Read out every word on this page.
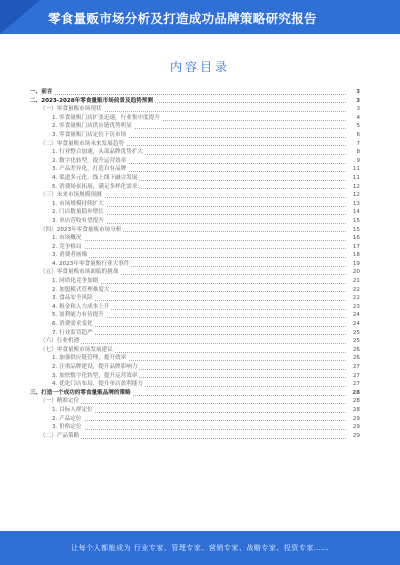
零食量贩市场分析及打造成功品牌策略研究报告
内容目录
一、前言	3
二、2023-2028年零食量贩市场前景及趋势预测	3
（一）零食量贩市场现状	3
1. 零食量贩门店扩张迅速，行业集中度提升	4
2. 零食量贩门店供应链优势明显	5
3. 零食量贩门店定位下沉市场	6
（二）零食量贩市场未来发展趋势	7
1. 行业整合加速，头部品牌优势扩大	8
2. 数字化转型，提升运营效率	9
3. 产品差异化，打造自有品牌	11
4. 渠道多元化，线上线下融合发展	11
5. 消费场景拓展，满足多样化需求	12
（三）未来市场规模预测	12
1. 市场规模持续扩大	13
2. 门店数量稳步增长	14
3. 单店营收有望提升	15
（四）2023年零食量贩市场分析	15
1. 市场概况	16
2. 竞争格局	17
3. 消费者画像	18
4. 2023年零食量贩行业大事件	19
（五）零食量贩市场面临的挑战	20
1. 同质化竞争加剧	21
2. 加盟模式管理难度大	22
3. 食品安全风险	22
4. 租金和人力成本上升	23
5. 盈利能力有待提升	24
6. 消费需求变化	24
7. 行业监管趋严	25
（六）行业机遇	25
（七）零食量贩市场发展建议	26
1. 加强供应链管理，提升效率	26
2. 注重品牌建设，提升品牌影响力	27
3. 加快数字化转型，提升运营效率	27
4. 优化门店布局，提升单店盈利能力	27
三、打造一个成功的零食量贩品牌的策略	28
（一）精准定位	28
1. 目标人群定位	28
2. 产品定位	29
3. 价格定位	29
（二）产品策略	29
让每个人都能成为 行业专家、管理专家、营销专家、战略专家、投资专家……
